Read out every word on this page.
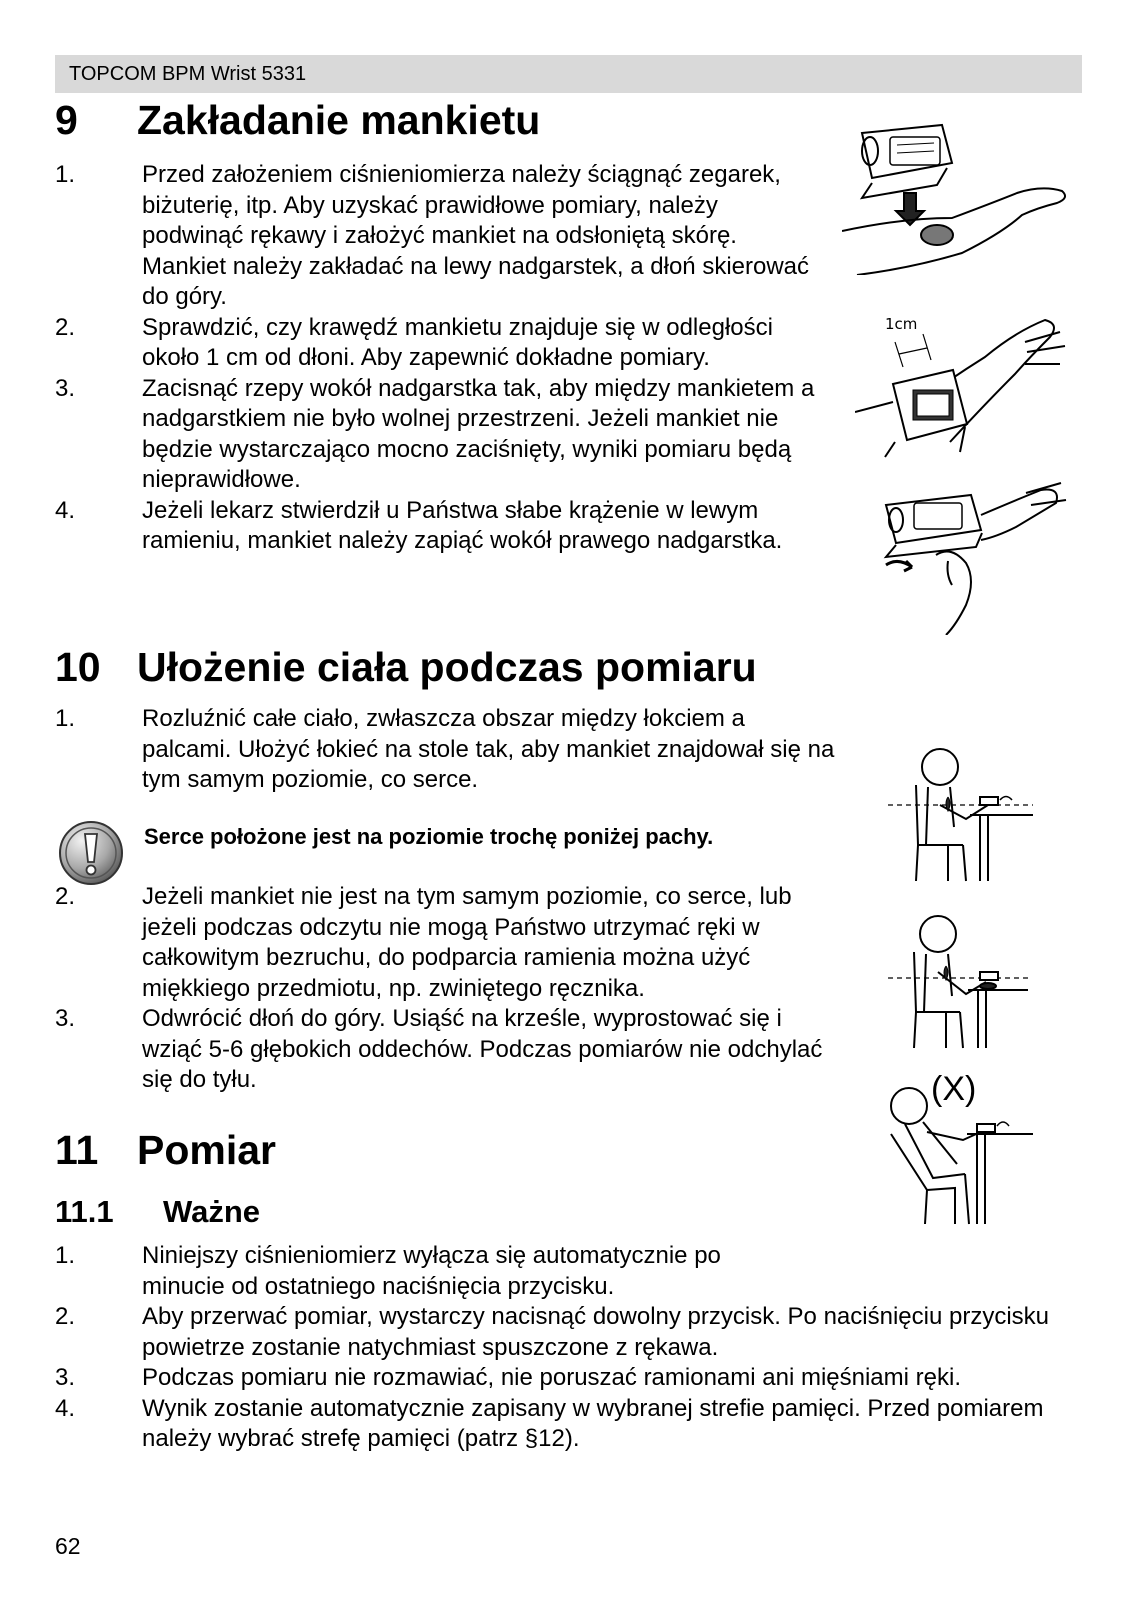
TOPCOM BPM Wrist 5331
9 Zakładanie mankietu
1.	Przed założeniem ciśnieniomierza należy ściągnąć zegarek, biżuterię, itp. Aby uzyskać prawidłowe pomiary, należy podwinąć rękawy i założyć mankiet na odsłoniętą skórę. Mankiet należy zakładać na lewy nadgarstek, a dłoń skierować do góry.
2.	Sprawdzić, czy krawędź mankietu znajduje się w odległości około 1 cm od dłoni. Aby zapewnić dokładne pomiary.
3.	Zacisnąć rzepy wokół nadgarstka tak, aby między mankietem a nadgarstkiem nie było wolnej przestrzeni. Jeżeli mankiet nie będzie wystarczająco mocno zaciśnięty, wyniki pomiaru będą nieprawidłowe.
4.	Jeżeli lekarz stwierdził u Państwa słabe krążenie w lewym ramieniu, mankiet należy zapiąć wokół prawego nadgarstka.
1cm
10 Ułożenie ciała podczas pomiaru
1.	Rozluźnić całe ciało, zwłaszcza obszar między łokciem a palcami. Ułożyć łokieć na stole tak, aby mankiet znajdował się na tym samym poziomie, co serce.
Serce położone jest na poziomie trochę poniżej pachy.
2.	Jeżeli mankiet nie jest na tym samym poziomie, co serce, lub jeżeli podczas odczytu nie mogą Państwo utrzymać ręki w całkowitym bezruchu, do podparcia ramienia można użyć miękkiego przedmiotu, np. zwiniętego ręcznika.
3.	Odwrócić dłoń do góry. Usiąść na krześle, wyprostować się i wziąć 5-6 głębokich oddechów. Podczas pomiarów nie odchylać się do tyłu.	(X)
11 Pomiar
11.1 Ważne
1.	Niniejszy ciśnieniomierz wyłącza się automatycznie po minucie od ostatniego naciśnięcia przycisku.
2.	Aby przerwać pomiar, wystarczy nacisnąć dowolny przycisk. Po naciśnięciu przycisku powietrze zostanie natychmiast spuszczone z rękawa.
3.	Podczas pomiaru nie rozmawiać, nie poruszać ramionami ani mięśniami ręki.
4.	Wynik zostanie automatycznie zapisany w wybranej strefie pamięci. Przed pomiarem należy wybrać strefę pamięci (patrz §12).
62
